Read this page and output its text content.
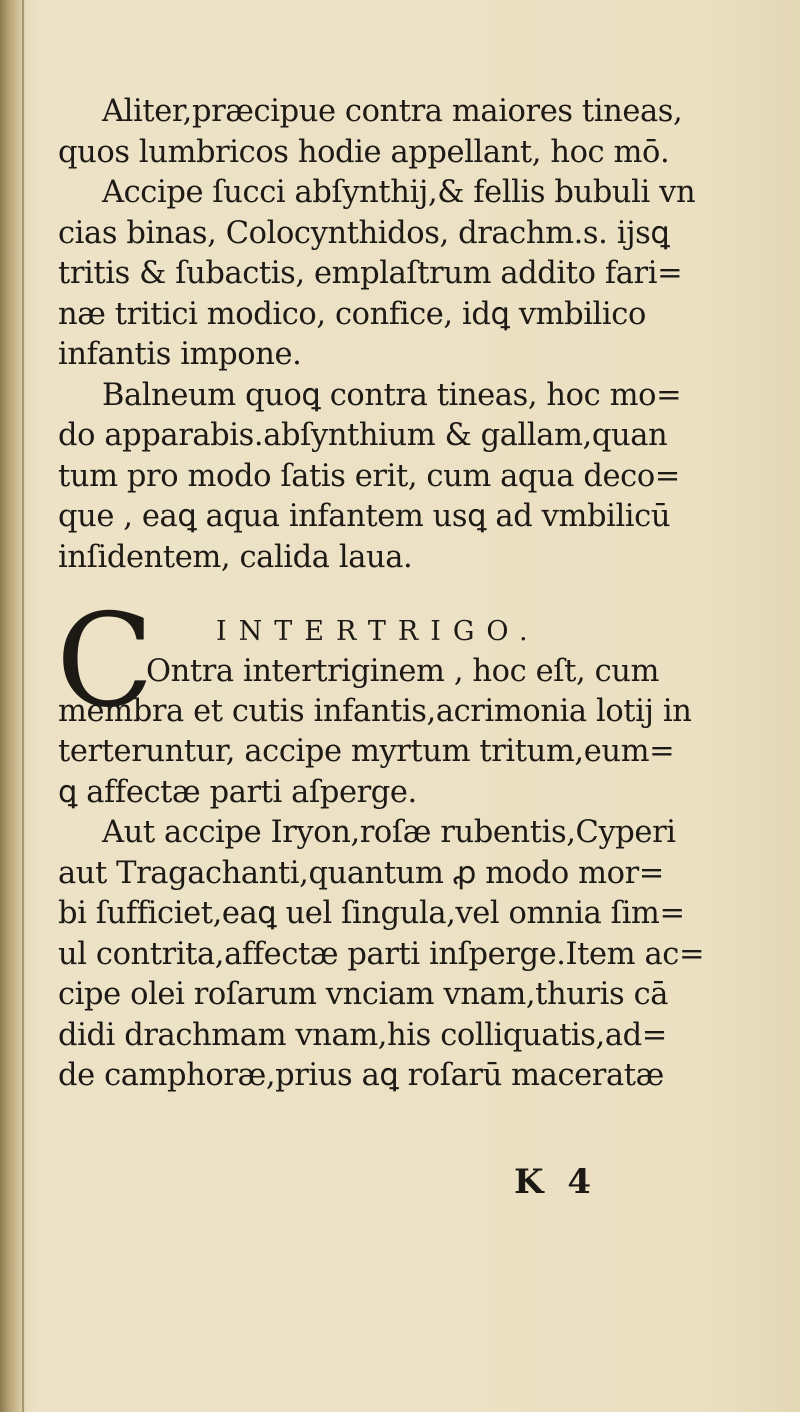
Aliter,præcipue contra maiores tineas,
quos lumbricos hodie appellant, hoc mō.
Accipe ſucci abſynthij,& fellis bubuli vn
cias binas, Colocynthidos, drachm.s. ijsꝗ
tritis & ſubactis, emplaſtrum addito fari=
næ tritici modico, confice, idꝗ vmbilico
infantis impone.
Balneum quoꝗ contra tineas, hoc mo=
do apparabis.abſynthium & gallam,quan
tum pro modo ſatis erit, cum aqua deco=
que , eaꝗ aqua infantem usꝗ ad vmbilicū
inſidentem, calida laua.
C INTERTRIGO.
Ontra intertriginem , hoc eſt, cum
membra et cutis infantis,acrimonia lotij in
terteruntur, accipe myrtum tritum,eum=
ꝗ affectæ parti aſperge.
Aut accipe Iryon,roſæ rubentis,Cyperi
aut Tragachanti,quantum ꝓ modo mor=
bi ſufficiet,eaꝗ uel ſingula,vel omnia ſim=
ul contrita,affectæ parti inſperge.Item ac=
cipe olei roſarum vnciam vnam,thuris cā
didi drachmam vnam,his colliquatis,ad=
de camphoræ,prius aꝗ roſarū maceratæ
K 4
